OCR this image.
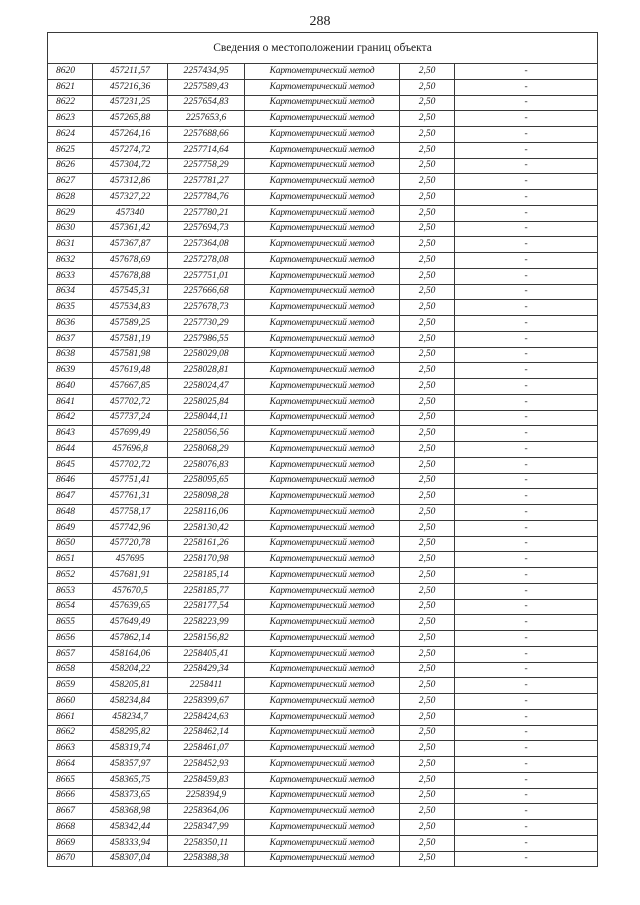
288
Сведения о местоположении границ объекта					
8620	457211,57	2257434,95	Картометрический метод	2,50	-
8621	457216,36	2257589,43	Картометрический метод	2,50	-
8622	457231,25	2257654,83	Картометрический метод	2,50	-
8623	457265,88	2257653,6	Картометрический метод	2,50	-
8624	457264,16	2257688,66	Картометрический метод	2,50	-
8625	457274,72	2257714,64	Картометрический метод	2,50	-
8626	457304,72	2257758,29	Картометрический метод	2,50	-
8627	457312,86	2257781,27	Картометрический метод	2,50	-
8628	457327,22	2257784,76	Картометрический метод	2,50	-
8629	457340	2257780,21	Картометрический метод	2,50	-
8630	457361,42	2257694,73	Картометрический метод	2,50	-
8631	457367,87	2257364,08	Картометрический метод	2,50	-
8632	457678,69	2257278,08	Картометрический метод	2,50	-
8633	457678,88	2257751,01	Картометрический метод	2,50	-
8634	457545,31	2257666,68	Картометрический метод	2,50	-
8635	457534,83	2257678,73	Картометрический метод	2,50	-
8636	457589,25	2257730,29	Картометрический метод	2,50	-
8637	457581,19	2257986,55	Картометрический метод	2,50	-
8638	457581,98	2258029,08	Картометрический метод	2,50	-
8639	457619,48	2258028,81	Картометрический метод	2,50	-
8640	457667,85	2258024,47	Картометрический метод	2,50	-
8641	457702,72	2258025,84	Картометрический метод	2,50	-
8642	457737,24	2258044,11	Картометрический метод	2,50	-
8643	457699,49	2258056,56	Картометрический метод	2,50	-
8644	457696,8	2258068,29	Картометрический метод	2,50	-
8645	457702,72	2258076,83	Картометрический метод	2,50	-
8646	457751,41	2258095,65	Картометрический метод	2,50	-
8647	457761,31	2258098,28	Картометрический метод	2,50	-
8648	457758,17	2258116,06	Картометрический метод	2,50	-
8649	457742,96	2258130,42	Картометрический метод	2,50	-
8650	457720,78	2258161,26	Картометрический метод	2,50	-
8651	457695	2258170,98	Картометрический метод	2,50	-
8652	457681,91	2258185,14	Картометрический метод	2,50	-
8653	457670,5	2258185,77	Картометрический метод	2,50	-
8654	457639,65	2258177,54	Картометрический метод	2,50	-
8655	457649,49	2258223,99	Картометрический метод	2,50	-
8656	457862,14	2258156,82	Картометрический метод	2,50	-
8657	458164,06	2258405,41	Картометрический метод	2,50	-
8658	458204,22	2258429,34	Картометрический метод	2,50	-
8659	458205,81	2258411	Картометрический метод	2,50	-
8660	458234,84	2258399,67	Картометрический метод	2,50	-
8661	458234,7	2258424,63	Картометрический метод	2,50	-
8662	458295,82	2258462,14	Картометрический метод	2,50	-
8663	458319,74	2258461,07	Картометрический метод	2,50	-
8664	458357,97	2258452,93	Картометрический метод	2,50	-
8665	458365,75	2258459,83	Картометрический метод	2,50	-
8666	458373,65	2258394,9	Картометрический метод	2,50	-
8667	458368,98	2258364,06	Картометрический метод	2,50	-
8668	458342,44	2258347,99	Картометрический метод	2,50	-
8669	458333,94	2258350,11	Картометрический метод	2,50	-
8670	458307,04	2258388,38	Картометрический метод	2,50	-
